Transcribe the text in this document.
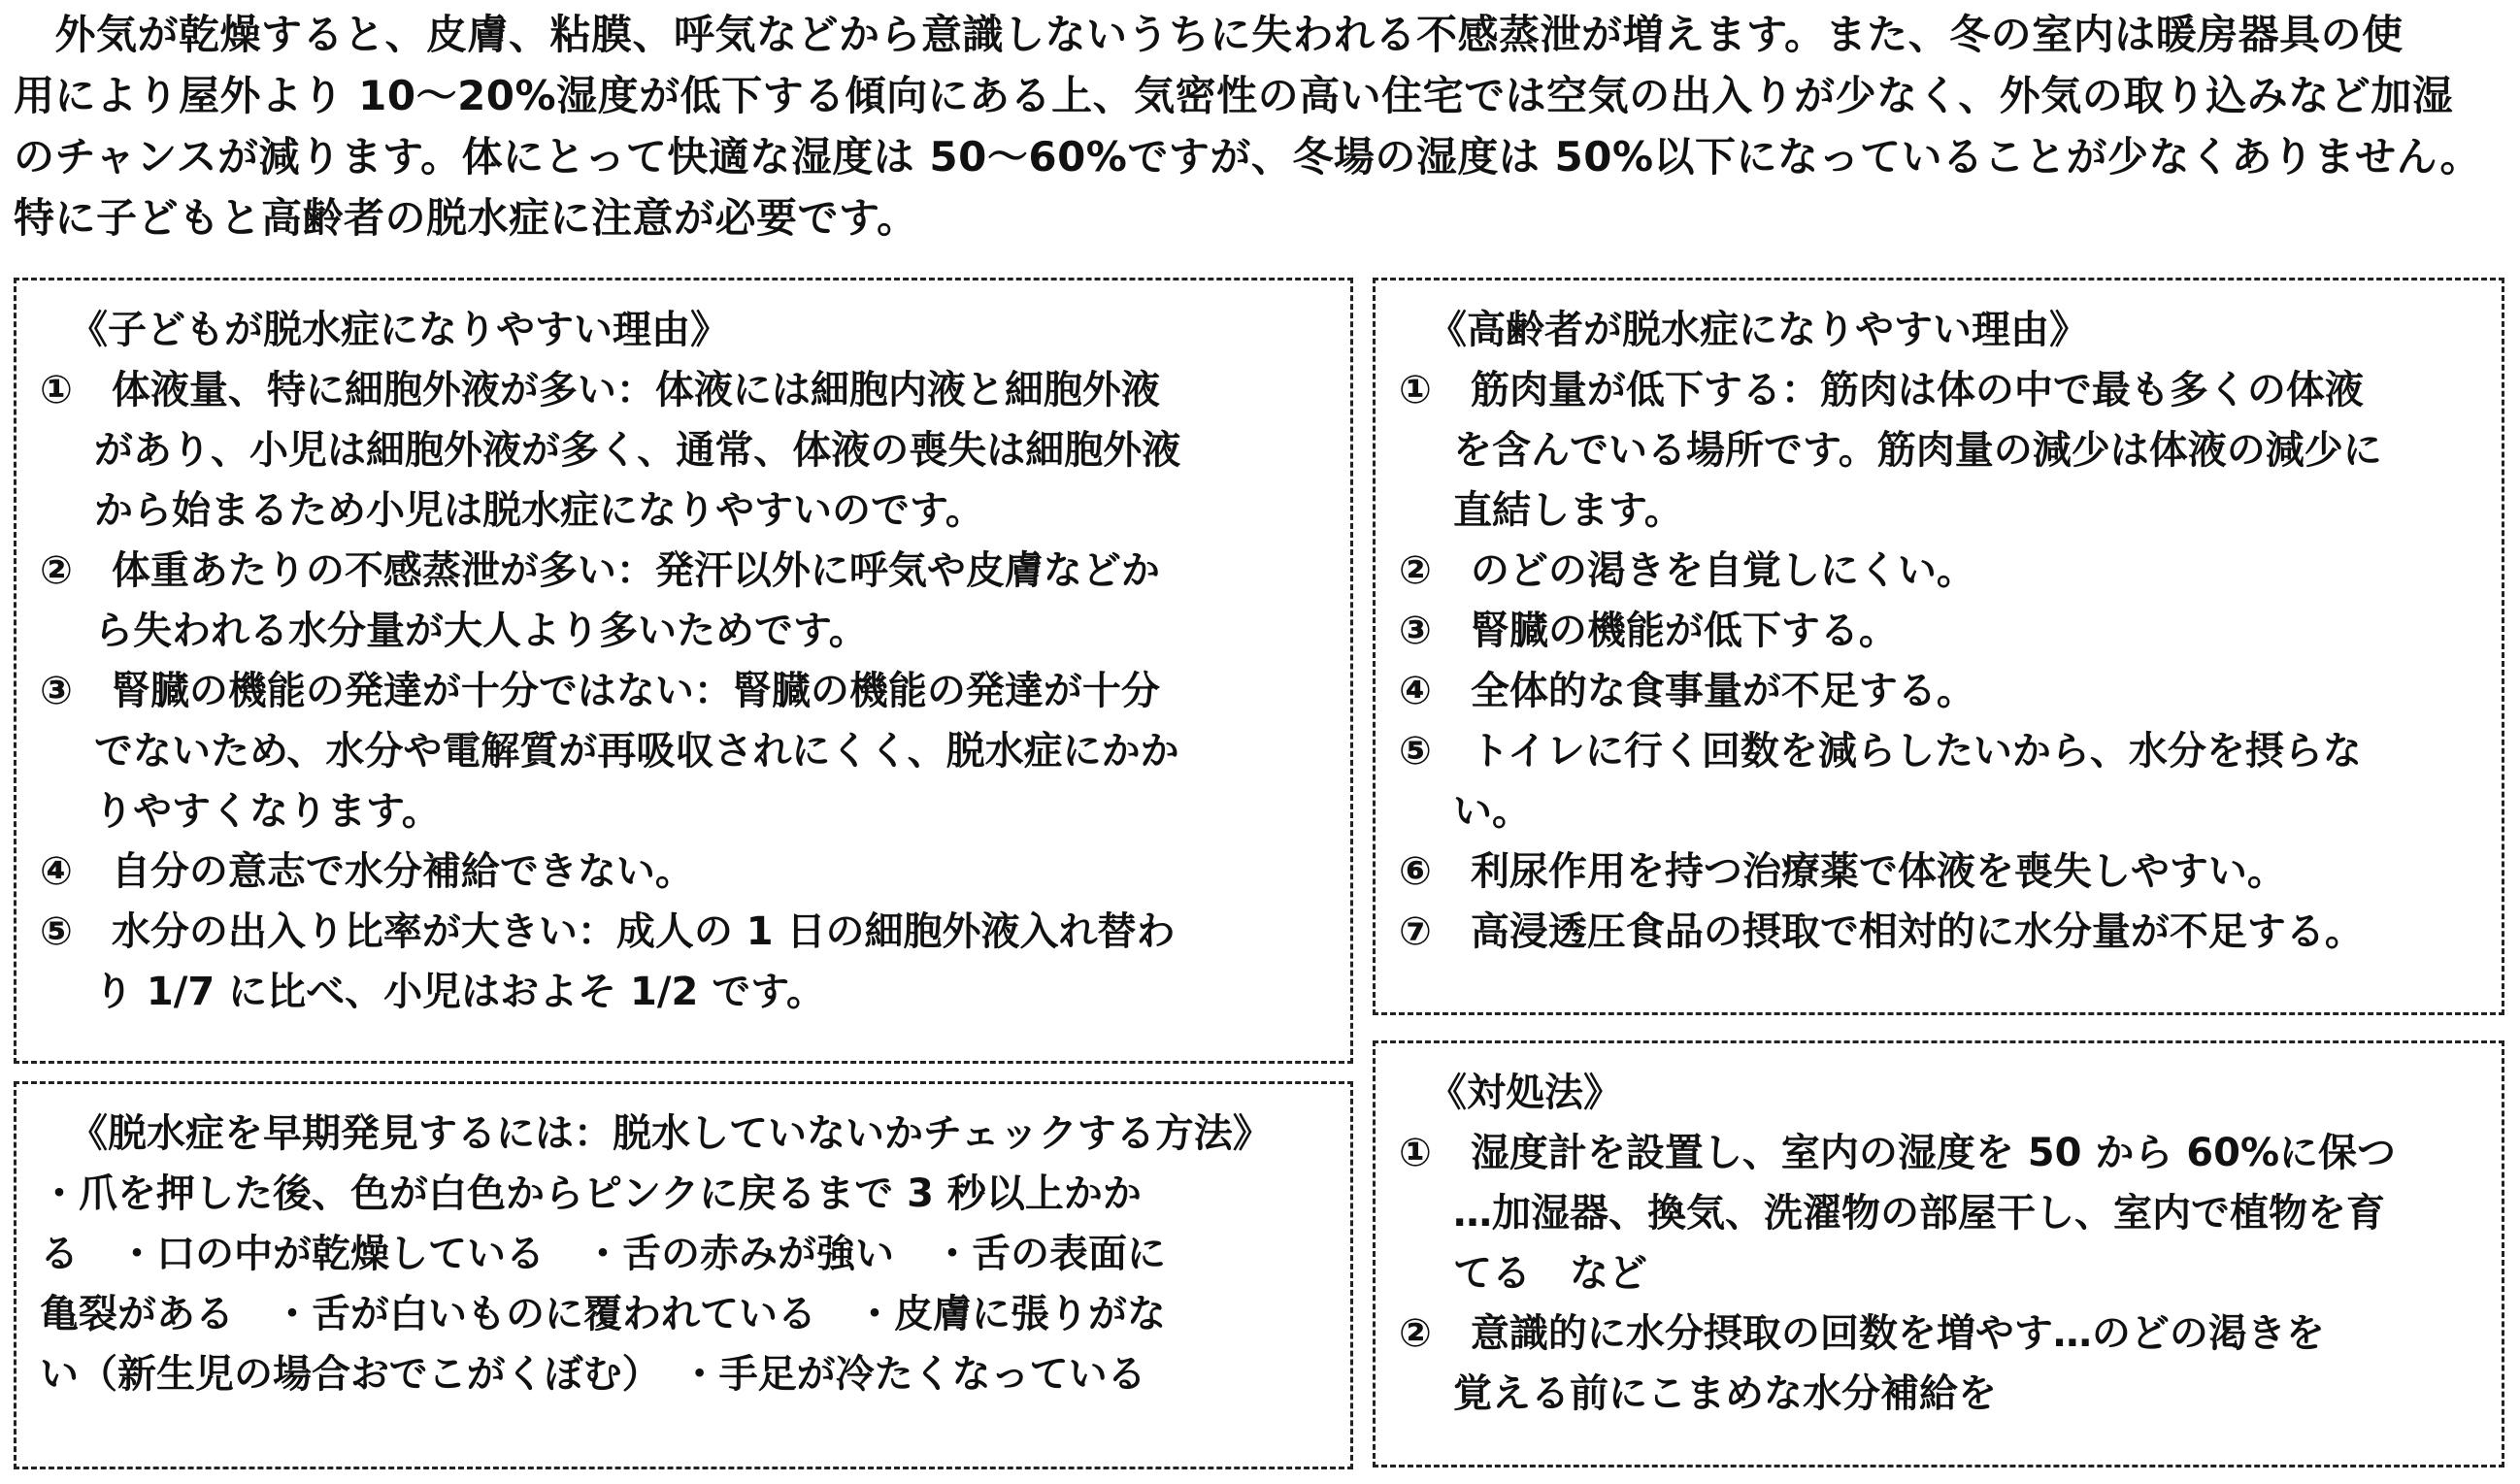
　外気が乾燥すると、皮膚、粘膜、呼気などから意識しないうちに失われる不感蒸泄が増えます。また、冬の室内は暖房器具の使
用により屋外より 10～20%湿度が低下する傾向にある上、気密性の高い住宅では空気の出入りが少なく、外気の取り込みなど加湿
のチャンスが減ります。体にとって快適な湿度は 50～60%ですが、冬場の湿度は 50%以下になっていることが少なくありません。
特に子どもと高齢者の脱水症に注意が必要です。
《子どもが脱水症になりやすい理由》
①　体液量、特に細胞外液が多い：体液には細胞内液と細胞外液
があり、小児は細胞外液が多く、通常、体液の喪失は細胞外液
から始まるため小児は脱水症になりやすいのです。
②　体重あたりの不感蒸泄が多い：発汗以外に呼気や皮膚などか
ら失われる水分量が大人より多いためです。
③　腎臓の機能の発達が十分ではない：腎臓の機能の発達が十分
でないため、水分や電解質が再吸収されにくく、脱水症にかか
りやすくなります。
④　自分の意志で水分補給できない。
⑤　水分の出入り比率が大きい：成人の 1 日の細胞外液入れ替わ
り 1/7 に比べ、小児はおよそ 1/2 です。
《高齢者が脱水症になりやすい理由》
①　筋肉量が低下する：筋肉は体の中で最も多くの体液
を含んでいる場所です。筋肉量の減少は体液の減少に
直結します。
②　のどの渇きを自覚しにくい。
③　腎臓の機能が低下する。
④　全体的な食事量が不足する。
⑤　トイレに行く回数を減らしたいから、水分を摂らな
い。
⑥　利尿作用を持つ治療薬で体液を喪失しやすい。
⑦　高浸透圧食品の摂取で相対的に水分量が不足する。
《脱水症を早期発見するには：脱水していないかチェックする方法》
・爪を押した後、色が白色からピンクに戻るまで 3 秒以上かか
る　・口の中が乾燥している　・舌の赤みが強い　・舌の表面に
亀裂がある　・舌が白いものに覆われている　・皮膚に張りがな
い（新生児の場合おでこがくぼむ）　・手足が冷たくなっている
《対処法》
①　湿度計を設置し、室内の湿度を 50 から 60%に保つ
…加湿器、換気、洗濯物の部屋干し、室内で植物を育
てる　など
②　意識的に水分摂取の回数を増やす…のどの渇きを
覚える前にこまめな水分補給を
